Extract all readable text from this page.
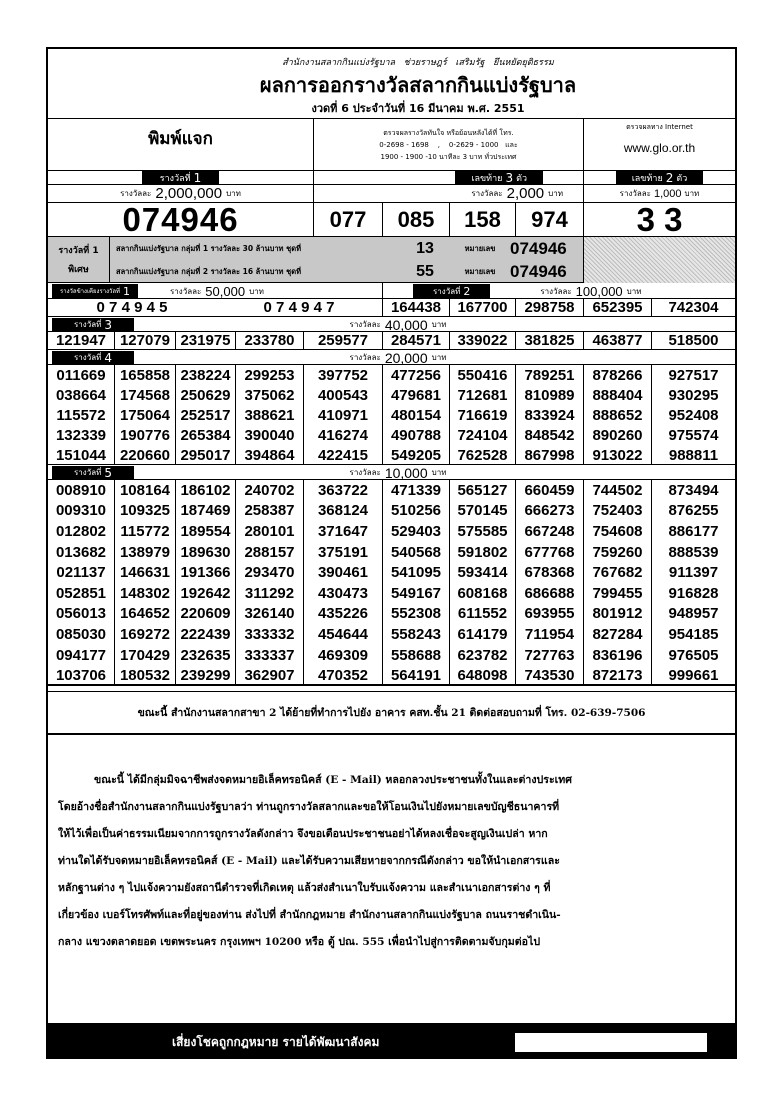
สำนักงานสลากกินแบ่งรัฐบาล   ช่วยราษฎร์   เสริมรัฐ   ยึนหยัดยุติธรรม
ผลการออกรางวัลสลากกินแบ่งรัฐบาล
งวดที่ 6 ประจำวันที่ 16 มีนาคม พ.ศ. 2551
พิมพ์แจก	ตรวจผลรางวัลทันใจ หรือย้อนหลังได้ที่ โทร.
0-2698 - 1698    ,    0-2629 - 1000   และ
1900 - 1900 -10 นาทีละ 3 บาท ทั่วประเทศ
ตรวจผลทาง Internet
www.glo.or.th
รางวัลที่ 1	เลขท้าย 3 ตัว	เลขท้าย 2 ตัว
รางวัลละ 2,000,000 บาท	รางวัลละ 2,000 บาท	รางวัลละ 1,000 บาท
074946	077	085	158	974	3 3
รางวัลที่ 1
พิเศษ
สลากกินแบ่งรัฐบาล กลุ่มที่ 1 รางวัลละ 30 ล้านบาท ชุดที่	13	หมายเลข 074946
สลากกินแบ่งรัฐบาล กลุ่มที่ 2 รางวัลละ 16 ล้านบาท ชุดที่	55	หมายเลข 074946
รางวัลข้างเคียงรางวัลที่ 1	รางวัลละ 50,000 บาท	รางวัลที่ 2	รางวัลละ 100,000 บาท
0 7 4 9 4 5	0 7 4 9 4 7	164438	167700	298758	652395	742304
รางวัลที่ 3	รางวัลละ 40,000 บาท
121947 127079 231975 233780	259577	284571	339022	381825	463877	518500
รางวัลที่ 4	รางวัลละ 20,000 บาท
011669 165858 238224 299253	397752	477256	550416	789251	878266	927517
038664 174568 250629 375062	400543	479681	712681	810989	888404	930295
115572 175064 252517 388621	410971	480154	716619	833924	888652	952408
132339 190776 265384 390040	416274	490788	724104	848542	890260	975574
151044 220660 295017 394864	422415	549205	762528	867998	913022	988811
รางวัลที่ 5	รางวัลละ 10,000 บาท
008910 108164 186102 240702	363722	471339	565127	660459	744502	873494
009310 109325 187469 258387	368124	510256	570145	666273	752403	876255
012802 115772 189554 280101	371647	529403	575585	667248	754608	886177
013682 138979 189630 288157	375191	540568	591802	677768	759260	888539
021137 146631 191366 293470	390461	541095	593414	678368	767682	911397
052851 148302 192642 311292	430473	549167	608168	686688	799455	916828
056013 164652 220609 326140	435226	552308	611552	693955	801912	948957
085030 169272 222439 333332	454644	558243	614179	711954	827284	954185
094177 170429 232635 333337	469309	558688	623782	727763	836196	976505
103706 180532 239299 362907	470352	564191	648098	743530	872173	999661
ขณะนี้ สำนักงานสลากสาขา 2 ได้ย้ายที่ทำการไปยัง อาคาร คสท.ชั้น 21 ติดต่อสอบถามที่ โทร. 02-639-7506
ขณะนี้ ได้มีกลุ่มมิจฉาชีพส่งจดหมายอิเล็คทรอนิคส์ (E - Mail) หลอกลวงประชาชนทั้งในและต่างประเทศ
โดยอ้างชื่อสำนักงานสลากกินแบ่งรัฐบาลว่า ท่านถูกรางวัลสลากและขอให้โอนเงินไปยังหมายเลขบัญชีธนาคารที่
ให้ไว้เพื่อเป็นค่าธรรมเนียมจากการถูกรางวัลดังกล่าว จึงขอเตือนประชาชนอย่าได้หลงเชื่อจะสูญเงินเปล่า หาก
ท่านใดได้รับจดหมายอิเล็คทรอนิคส์ (E - Mail) และได้รับความเสียหายจากกรณีดังกล่าว ขอให้นำเอกสารและ
หลักฐานต่าง ๆ ไปแจ้งความยังสถานีตำรวจที่เกิดเหตุ แล้วส่งสำเนาใบรับแจ้งความ และสำเนาเอกสารต่าง ๆ ที่
เกี่ยวข้อง เบอร์โทรศัพท์และที่อยู่ของท่าน ส่งไปที่ สำนักกฎหมาย สำนักงานสลากกินแบ่งรัฐบาล ถนนราชดำเนิน-
กลาง แขวงตลาดยอด เขตพระนคร กรุงเทพฯ 10200 หรือ ตู้ ปณ. 555 เพื่อนำไปสู่การติดตามจับกุมต่อไป
เสี่ยงโชคถูกกฎหมาย รายได้พัฒนาสังคม
